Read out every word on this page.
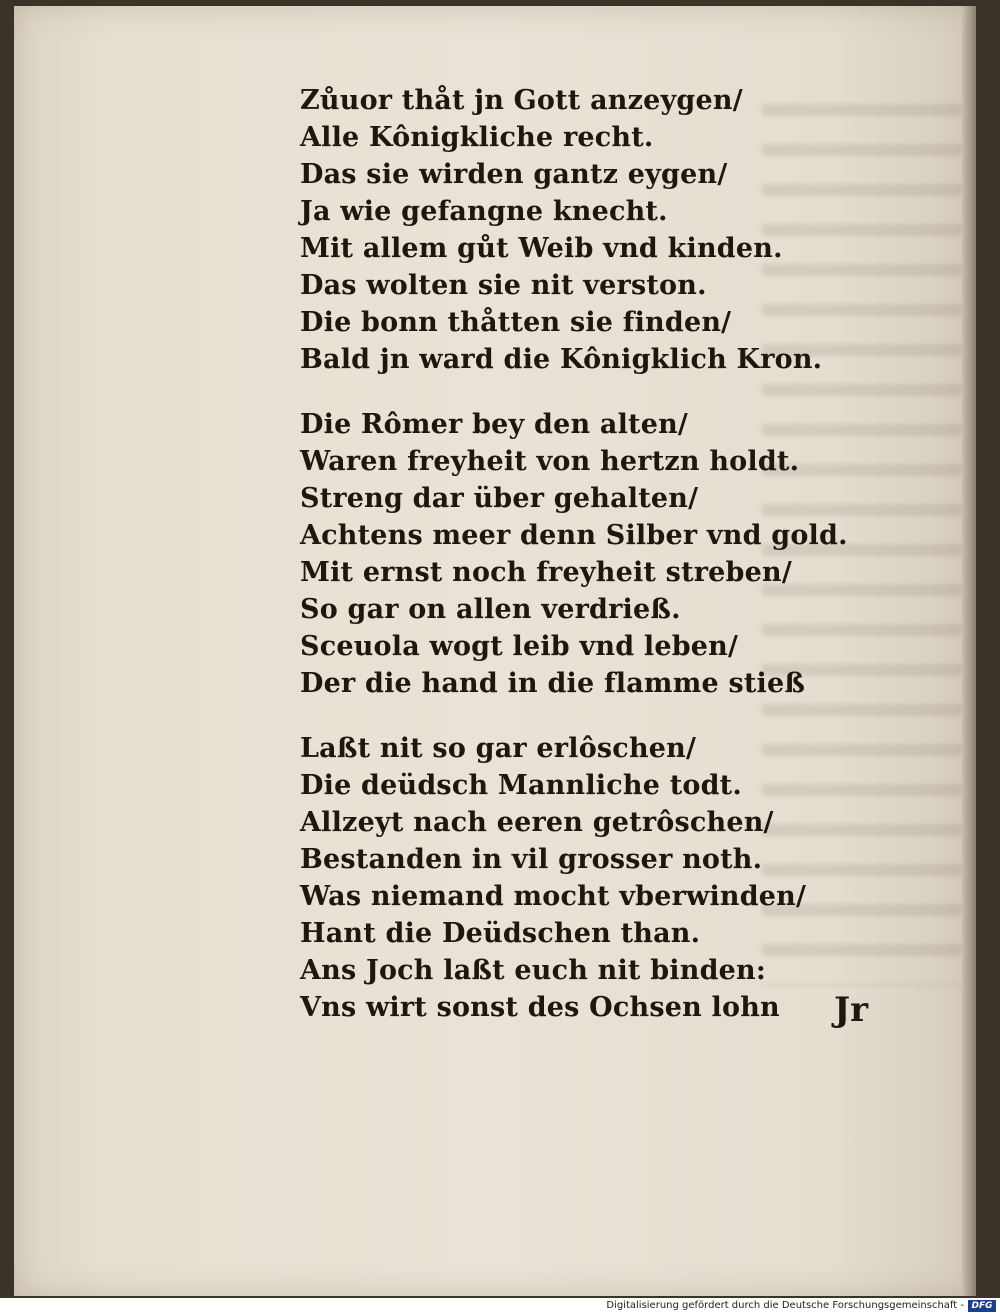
Zůuor thåt jn Gott anzeygen/
Alle Kônigkliche recht.
Das sie wirden gantz eygen/
Ja wie gefangne knecht.
Mit allem gůt Weib vnd kinden.
Das wolten sie nit verston.
Die bonn thåtten sie finden/
Bald jn ward die Kônigklich Kron.
Die Rômer bey den alten/
Waren freyheit von hertzn holdt.
Streng dar über gehalten/
Achtens meer denn Silber vnd gold.
Mit ernst noch freyheit streben/
So gar on allen verdrieß.
Sceuola wogt leib vnd leben/
Der die hand in die flamme stieß
Laßt nit so gar erlôschen/
Die deüdsch Mannliche todt.
Allzeyt nach eeren getrôschen/
Bestanden in vil grosser noth.
Was niemand mocht vberwinden/
Hant die Deüdschen than.
Ans Joch laßt euch nit binden:
Vns wirt sonst des Ochsen lohn	Jr
Digitalisierung gefördert durch die Deutsche Forschungsgemeinschaft - DFG
